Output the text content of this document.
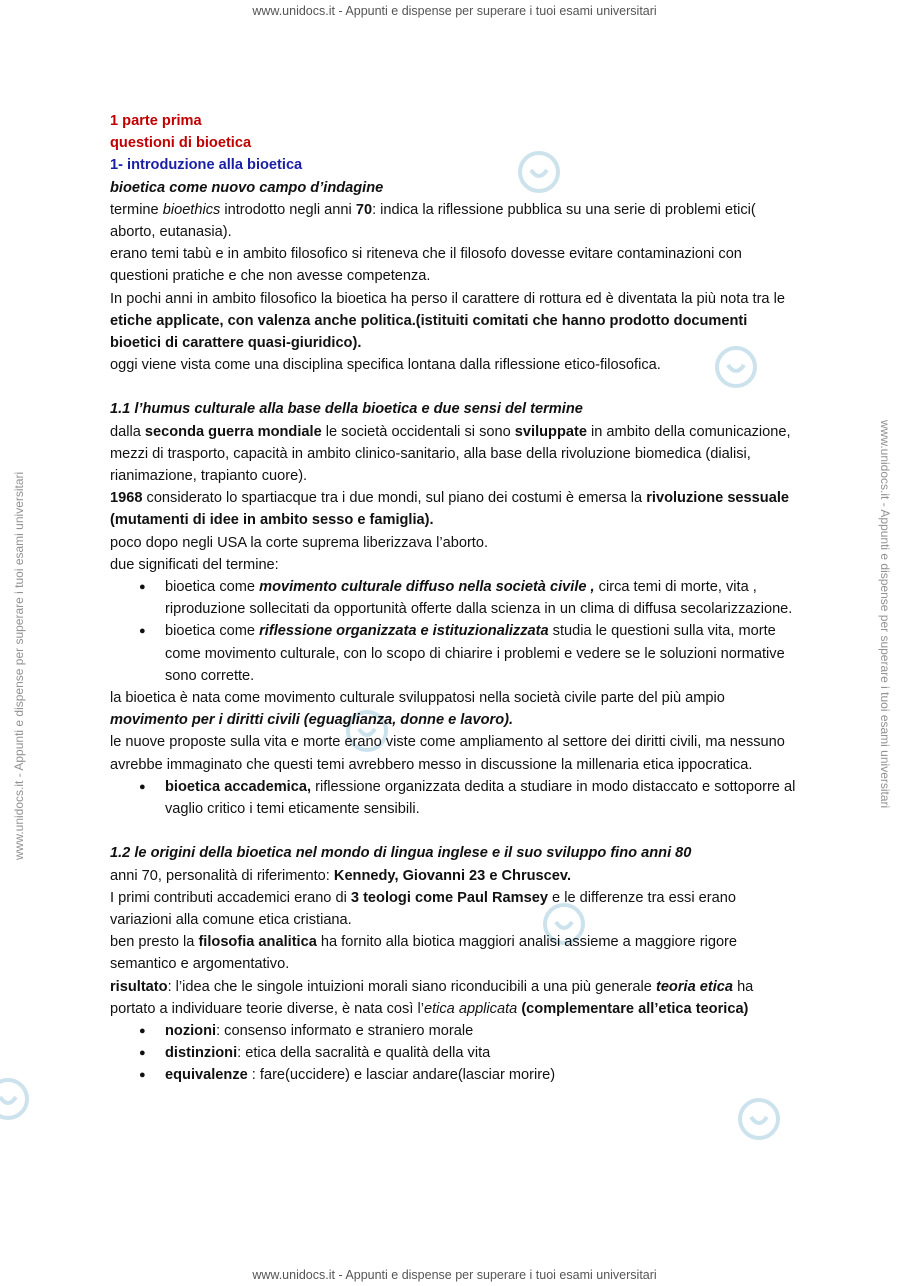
www.unidocs.it - Appunti e dispense per superare i tuoi esami universitari
www.unidocs.it - Appunti e dispense per superare i tuoi esami universitari	www.unidocs.it - Appunti e dispense per superare i tuoi esami universitari

1 parte prima

questioni di bioetica

1- introduzione alla bioetica

bioetica come nuovo campo d’indagine

termine bioethics introdotto negli anni 70: indica la riflessione pubblica su una serie di problemi etici( aborto, eutanasia).

erano temi tabù e in ambito filosofico si riteneva che il filosofo dovesse evitare contaminazioni con questioni pratiche e che non avesse competenza.

In pochi anni in ambito filosofico la bioetica ha perso il carattere di rottura ed è diventata la più nota tra le etiche applicate, con valenza anche politica.(istituiti comitati che hanno prodotto documenti bioetici di carattere quasi-giuridico).

oggi viene vista come una disciplina specifica lontana dalla riflessione etico-filosofica.

1.1 l’humus culturale alla base della bioetica e due sensi del termine

dalla seconda guerra mondiale le società occidentali si sono sviluppate in ambito della comunicazione, mezzi di trasporto, capacità in ambito clinico-sanitario, alla base della rivoluzione biomedica (dialisi, rianimazione, trapianto cuore).

1968 considerato lo spartiacque tra i due mondi, sul piano dei costumi è emersa la rivoluzione sessuale (mutamenti di idee in ambito sesso e famiglia).

poco dopo negli USA la corte suprema liberizzava l’aborto.

due significati del termine:

● bioetica come movimento culturale diffuso nella società civile , circa temi di morte, vita , riproduzione sollecitati da opportunità offerte dalla scienza in un clima di diffusa secolarizzazione.
● bioetica come riflessione organizzata e istituzionalizzata studia le questioni sulla vita, morte come movimento culturale, con lo scopo di chiarire i problemi e vedere se le soluzioni normative sono corrette.

la bioetica è nata come movimento culturale sviluppatosi nella società civile parte del più ampio movimento per i diritti civili (eguaglianza, donne e lavoro).

le nuove proposte sulla vita e morte erano viste come ampliamento al settore dei diritti civili, ma nessuno avrebbe immaginato che questi temi avrebbero messo in discussione la millenaria etica ippocratica.

● bioetica accademica, riflessione organizzata dedita a studiare in modo distaccato e sottoporre al vaglio critico i temi eticamente sensibili.

1.2 le origini della bioetica nel mondo di lingua inglese e il suo sviluppo fino anni 80

anni 70, personalità di riferimento: Kennedy, Giovanni 23 e Chruscev.

I primi contributi accademici erano di 3 teologi come Paul Ramsey e le differenze tra essi erano variazioni alla comune etica cristiana.

ben presto la filosofia analitica ha fornito alla biotica maggiori analisi assieme a maggiore rigore semantico e argomentativo.

risultato: l’idea che le singole intuizioni morali siano riconducibili a una più generale teoria etica ha portato a individuare teorie diverse, è nata così l’etica applicata (complementare all’etica teorica)

● nozioni: consenso informato e straniero morale
● distinzioni: etica della sacralità e qualità della vita
● equivalenze : fare(uccidere) e lasciar andare(lasciar morire)
www.unidocs.it - Appunti e dispense per superare i tuoi esami universitari
